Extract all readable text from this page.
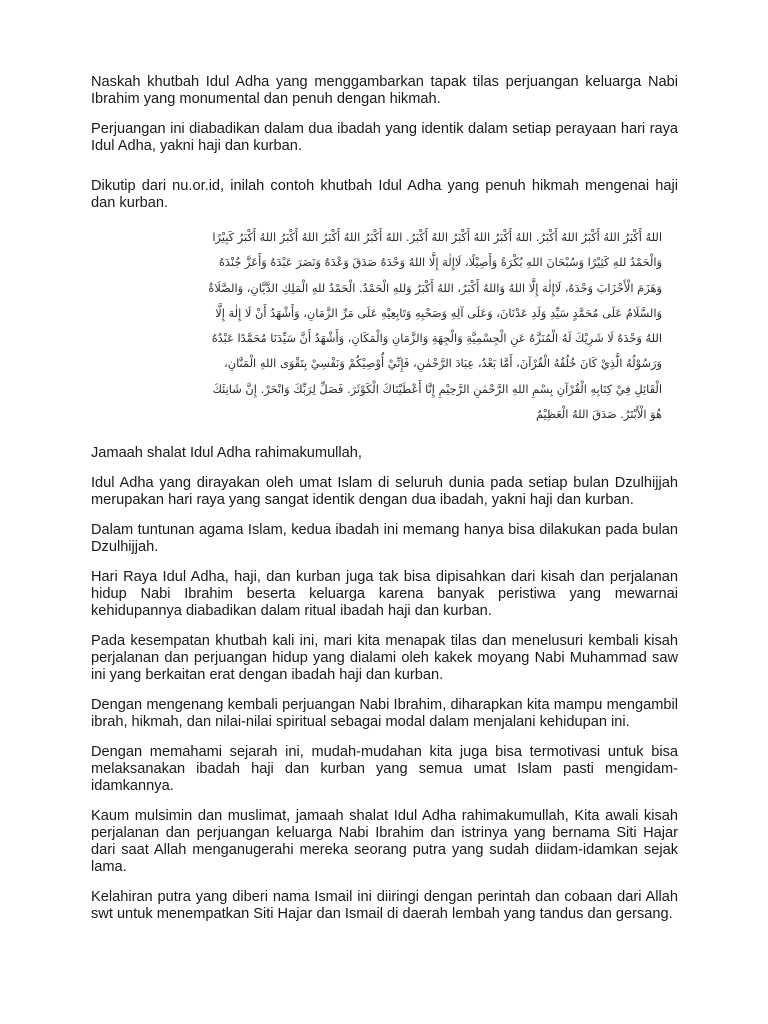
Naskah khutbah Idul Adha yang menggambarkan tapak tilas perjuangan keluarga Nabi Ibrahim yang monumental dan penuh dengan hikmah.

Perjuangan ini diabadikan dalam dua ibadah yang identik dalam setiap perayaan hari raya Idul Adha, yakni haji dan kurban.

Dikutip dari nu.or.id, inilah contoh khutbah Idul Adha yang penuh hikmah mengenai haji dan kurban.

اللهُ أَكْبَرُ اللهُ أَكْبَرُ اللهُ أَكْبَرُ. اللهُ أَكْبَرُ اللهُ أَكْبَرُ اللهُ أَكْبَرُ. اللهُ أَكْبَرُ اللهُ أَكْبَرُ اللهُ أَكْبَرُ اللهُ أَكْبَرُ كَبِيْرًا
وَالْحَمْدُ للهِ كَثِيْرًا وَسُبْحَانَ اللهِ بُكْرَةً وَأَصِيْلًا، لَاإِلٰهَ إِلَّا اللهُ وَحْدَهُ صَدَقَ وَعْدَهُ وَنَصَرَ عَبْدَهُ وَأَعَزَّ جُنْدَهُ
وَهَزَمَ الْأَحْزَابَ وَحْدَهُ، لَاإِلٰهَ إِلَّا اللهُ وَاللهُ أَكْبَرُ، اللهُ أَكْبَرُ وَللهِ الْحَمْدُ. الْحَمْدُ للهِ الْمَلِكِ الدَّيَّانِ، وَالصَّلَاةُ
وَالسَّلَامُ عَلَى مُحَمَّدٍ سَيِّدِ وَلَدِ عَدْنَانَ، وَعَلَى آلِهِ وَصَحْبِهِ وَتَابِعِيْهِ عَلَى مَرِّ الزَّمَانِ، وَأَشْهَدُ أَنْ لَا إِلٰهَ إِلَّا
اللهُ وَحْدَهُ لَا شَرِيْكَ لَهُ الْمُنَزَّهُ عَنِ الْجِسْمِيَّةِ وَالْجِهَةِ وَالزَّمَانِ وَالْمَكَانِ، وَأَشْهَدُ أَنَّ سَيِّدَنَا مُحَمَّدًا عَبْدُهُ
وَرَسُوْلُهُ الَّذِيْ كَانَ خُلُقُهُ الْقُرْآنَ، أَمَّا بَعْدُ، عِبَادَ الرَّحْمٰنِ، فَإِنِّيْ أُوْصِيْكُمْ وَنَفْسِيْ بِتَقْوَى اللهِ الْمَنَّانِ،
الْقَائِلِ فِيْ كِتَابِهِ الْقُرْآنِ بِسْمِ اللهِ الرَّحْمٰنِ الرَّحِيْمِ إِنَّا أَعْطَيْنَاكَ الْكَوْثَرَ. فَصَلِّ لِرَبِّكَ وَانْحَرْ. إِنَّ شَانِئَكَ
هُوَ الْأَبْتَرُ. صَدَقَ اللهُ الْعَظِيْمُ

Jamaah shalat Idul Adha rahimakumullah,

Idul Adha yang dirayakan oleh umat Islam di seluruh dunia pada setiap bulan Dzulhijjah merupakan hari raya yang sangat identik dengan dua ibadah, yakni haji dan kurban.

Dalam tuntunan agama Islam, kedua ibadah ini memang hanya bisa dilakukan pada bulan Dzulhijjah.

Hari Raya Idul Adha, haji, dan kurban juga tak bisa dipisahkan dari kisah dan perjalanan hidup Nabi Ibrahim beserta keluarga karena banyak peristiwa yang mewarnai kehidupannya diabadikan dalam ritual ibadah haji dan kurban.

Pada kesempatan khutbah kali ini, mari kita menapak tilas dan menelusuri kembali kisah perjalanan dan perjuangan hidup yang dialami oleh kakek moyang Nabi Muhammad saw ini yang berkaitan erat dengan ibadah haji dan kurban.

Dengan mengenang kembali perjuangan Nabi Ibrahim, diharapkan kita mampu mengambil ibrah, hikmah, dan nilai-nilai spiritual sebagai modal dalam menjalani kehidupan ini.

Dengan memahami sejarah ini, mudah-mudahan kita juga bisa termotivasi untuk bisa melaksanakan ibadah haji dan kurban yang semua umat Islam pasti mengidam-idamkannya.

Kaum mulsimin dan muslimat, jamaah shalat Idul Adha rahimakumullah, Kita awali kisah perjalanan dan perjuangan keluarga Nabi Ibrahim dan istrinya yang bernama Siti Hajar dari saat Allah menganugerahi mereka seorang putra yang sudah diidam-idamkan sejak lama.

Kelahiran putra yang diberi nama Ismail ini diiringi dengan perintah dan cobaan dari Allah swt untuk menempatkan Siti Hajar dan Ismail di daerah lembah yang tandus dan gersang.
